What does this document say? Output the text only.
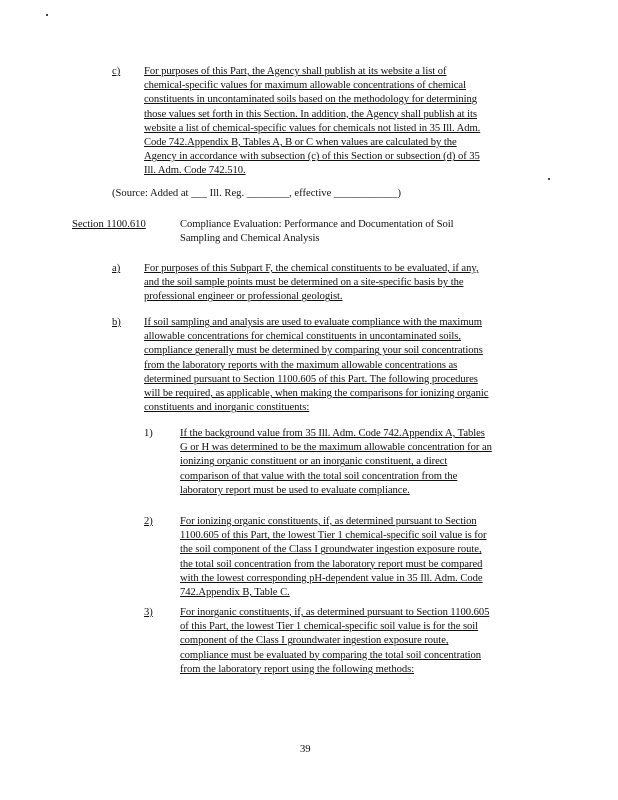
c) For purposes of this Part, the Agency shall publish at its website a list of
chemical-specific values for maximum allowable concentrations of chemical
constituents in uncontaminated soils based on the methodology for determining
those values set forth in this Section. In addition, the Agency shall publish at its
website a list of chemical-specific values for chemicals not listed in 35 Ill. Adm.
Code 742.Appendix B, Tables A, B or C when values are calculated by the
Agency in accordance with subsection (c) of this Section or subsection (d) of 35
Ill. Adm. Code 742.510.
(Source: Added at ___ Ill. Reg. ________, effective ____________)
Section 1100.610	Compliance Evaluation: Performance and Documentation of Soil
Sampling and Chemical Analysis
a) For purposes of this Subpart F, the chemical constituents to be evaluated, if any,
and the soil sample points must be determined on a site-specific basis by the
professional engineer or professional geologist.
b) If soil sampling and analysis are used to evaluate compliance with the maximum
allowable concentrations for chemical constituents in uncontaminated soils,
compliance generally must be determined by comparing your soil concentrations
from the laboratory reports with the maximum allowable concentrations as
determined pursuant to Section 1100.605 of this Part. The following procedures
will be required, as applicable, when making the comparisons for ionizing organic
constituents and inorganic constituents:
1)	If the background value from 35 Ill. Adm. Code 742.Appendix A, Tables
G or H was determined to be the maximum allowable concentration for an
ionizing organic constituent or an inorganic constituent, a direct
comparison of that value with the total soil concentration from the
laboratory report must be used to evaluate compliance.
2)	For ionizing organic constituents, if, as determined pursuant to Section
1100.605 of this Part, the lowest Tier 1 chemical-specific soil value is for
the soil component of the Class I groundwater ingestion exposure route,
the total soil concentration from the laboratory report must be compared
with the lowest corresponding pH-dependent value in 35 Ill. Adm. Code
742.Appendix B, Table C.
3)	For inorganic constituents, if, as determined pursuant to Section 1100.605
of this Part, the lowest Tier 1 chemical-specific soil value is for the soil
component of the Class I groundwater ingestion exposure route,
compliance must be evaluated by comparing the total soil concentration
from the laboratory report using the following methods:
39
